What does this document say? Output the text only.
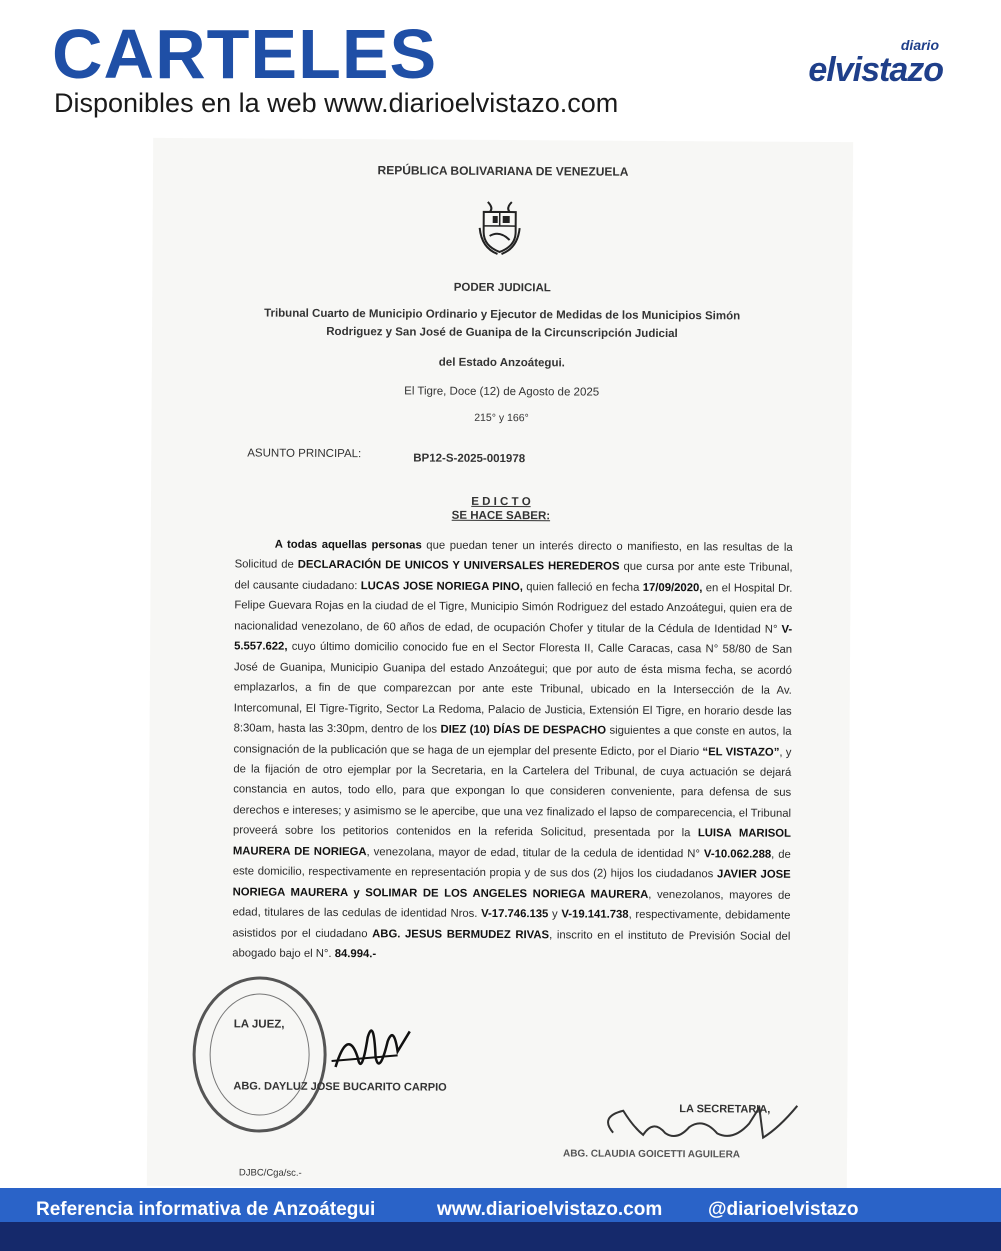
CARTELES
Disponibles en la web www.diarioelvistazo.com
diario
elvistazo
REPÚBLICA BOLIVARIANA DE VENEZUELA
PODER JUDICIAL
Tribunal Cuarto de Municipio Ordinario y Ejecutor de Medidas de los Municipios Simón
Rodriguez y San José de Guanipa de la Circunscripción Judicial
del Estado Anzoátegui.
El Tigre, Doce (12) de Agosto de 2025
215° y 166°
ASUNTO PRINCIPAL:	BP12-S-2025-001978
E D I C T O
SE HACE SABER:

A todas aquellas personas que puedan tener un interés directo o manifiesto, en las resultas de la Solicitud de DECLARACIÓN DE UNICOS Y UNIVERSALES HEREDEROS que cursa por ante este Tribunal, del causante ciudadano: LUCAS JOSE NORIEGA PINO, quien falleció en fecha 17/09/2020, en el Hospital Dr. Felipe Guevara Rojas en la ciudad de el Tigre, Municipio Simón Rodriguez del estado Anzoátegui, quien era de nacionalidad venezolano, de 60 años de edad, de ocupación Chofer y titular de la Cédula de Identidad N° V-5.557.622, cuyo último domicilio conocido fue en el Sector Floresta II, Calle Caracas, casa N° 58/80 de San José de Guanipa, Municipio Guanipa del estado Anzoátegui; que por auto de ésta misma fecha, se acordó emplazarlos, a fin de que comparezcan por ante este Tribunal, ubicado en la Intersección de la Av. Intercomunal, El Tigre-Tigrito, Sector La Redoma, Palacio de Justicia, Extensión El Tigre, en horario desde las 8:30am, hasta las 3:30pm, dentro de los DIEZ (10) DÍAS DE DESPACHO siguientes a que conste en autos, la consignación de la publicación que se haga de un ejemplar del presente Edicto, por el Diario “EL VISTAZO”, y de la fijación de otro ejemplar por la Secretaria, en la Cartelera del Tribunal, de cuya actuación se dejará constancia en autos, todo ello, para que expongan lo que consideren conveniente, para defensa de sus derechos e intereses; y asimismo se le apercibe, que una vez finalizado el lapso de comparecencia, el Tribunal proveerá sobre los petitorios contenidos en la referida Solicitud, presentada por la LUISA MARISOL MAURERA DE NORIEGA, venezolana, mayor de edad, titular de la cedula de identidad N° V-10.062.288, de este domicilio, respectivamente en representación propia y de sus dos (2) hijos los ciudadanos JAVIER JOSE NORIEGA MAURERA y SOLIMAR DE LOS ANGELES NORIEGA MAURERA, venezolanos, mayores de edad, titulares de las cedulas de identidad Nros. V-17.746.135 y V-19.141.738, respectivamente, debidamente asistidos por el ciudadano ABG. JESUS BERMUDEZ RIVAS, inscrito en el instituto de Previsión Social del abogado bajo el N°. 84.994.-

LA JUEZ,
ABG. DAYLUZ JOSE BUCARITO CARPIO
LA SECRETARIA,
ABG. CLAUDIA GOICETTI AGUILERA
DJBC/Cga/sc.-
Referencia informativa de Anzoátegui	www.diarioelvistazo.com @diarioelvistazo
